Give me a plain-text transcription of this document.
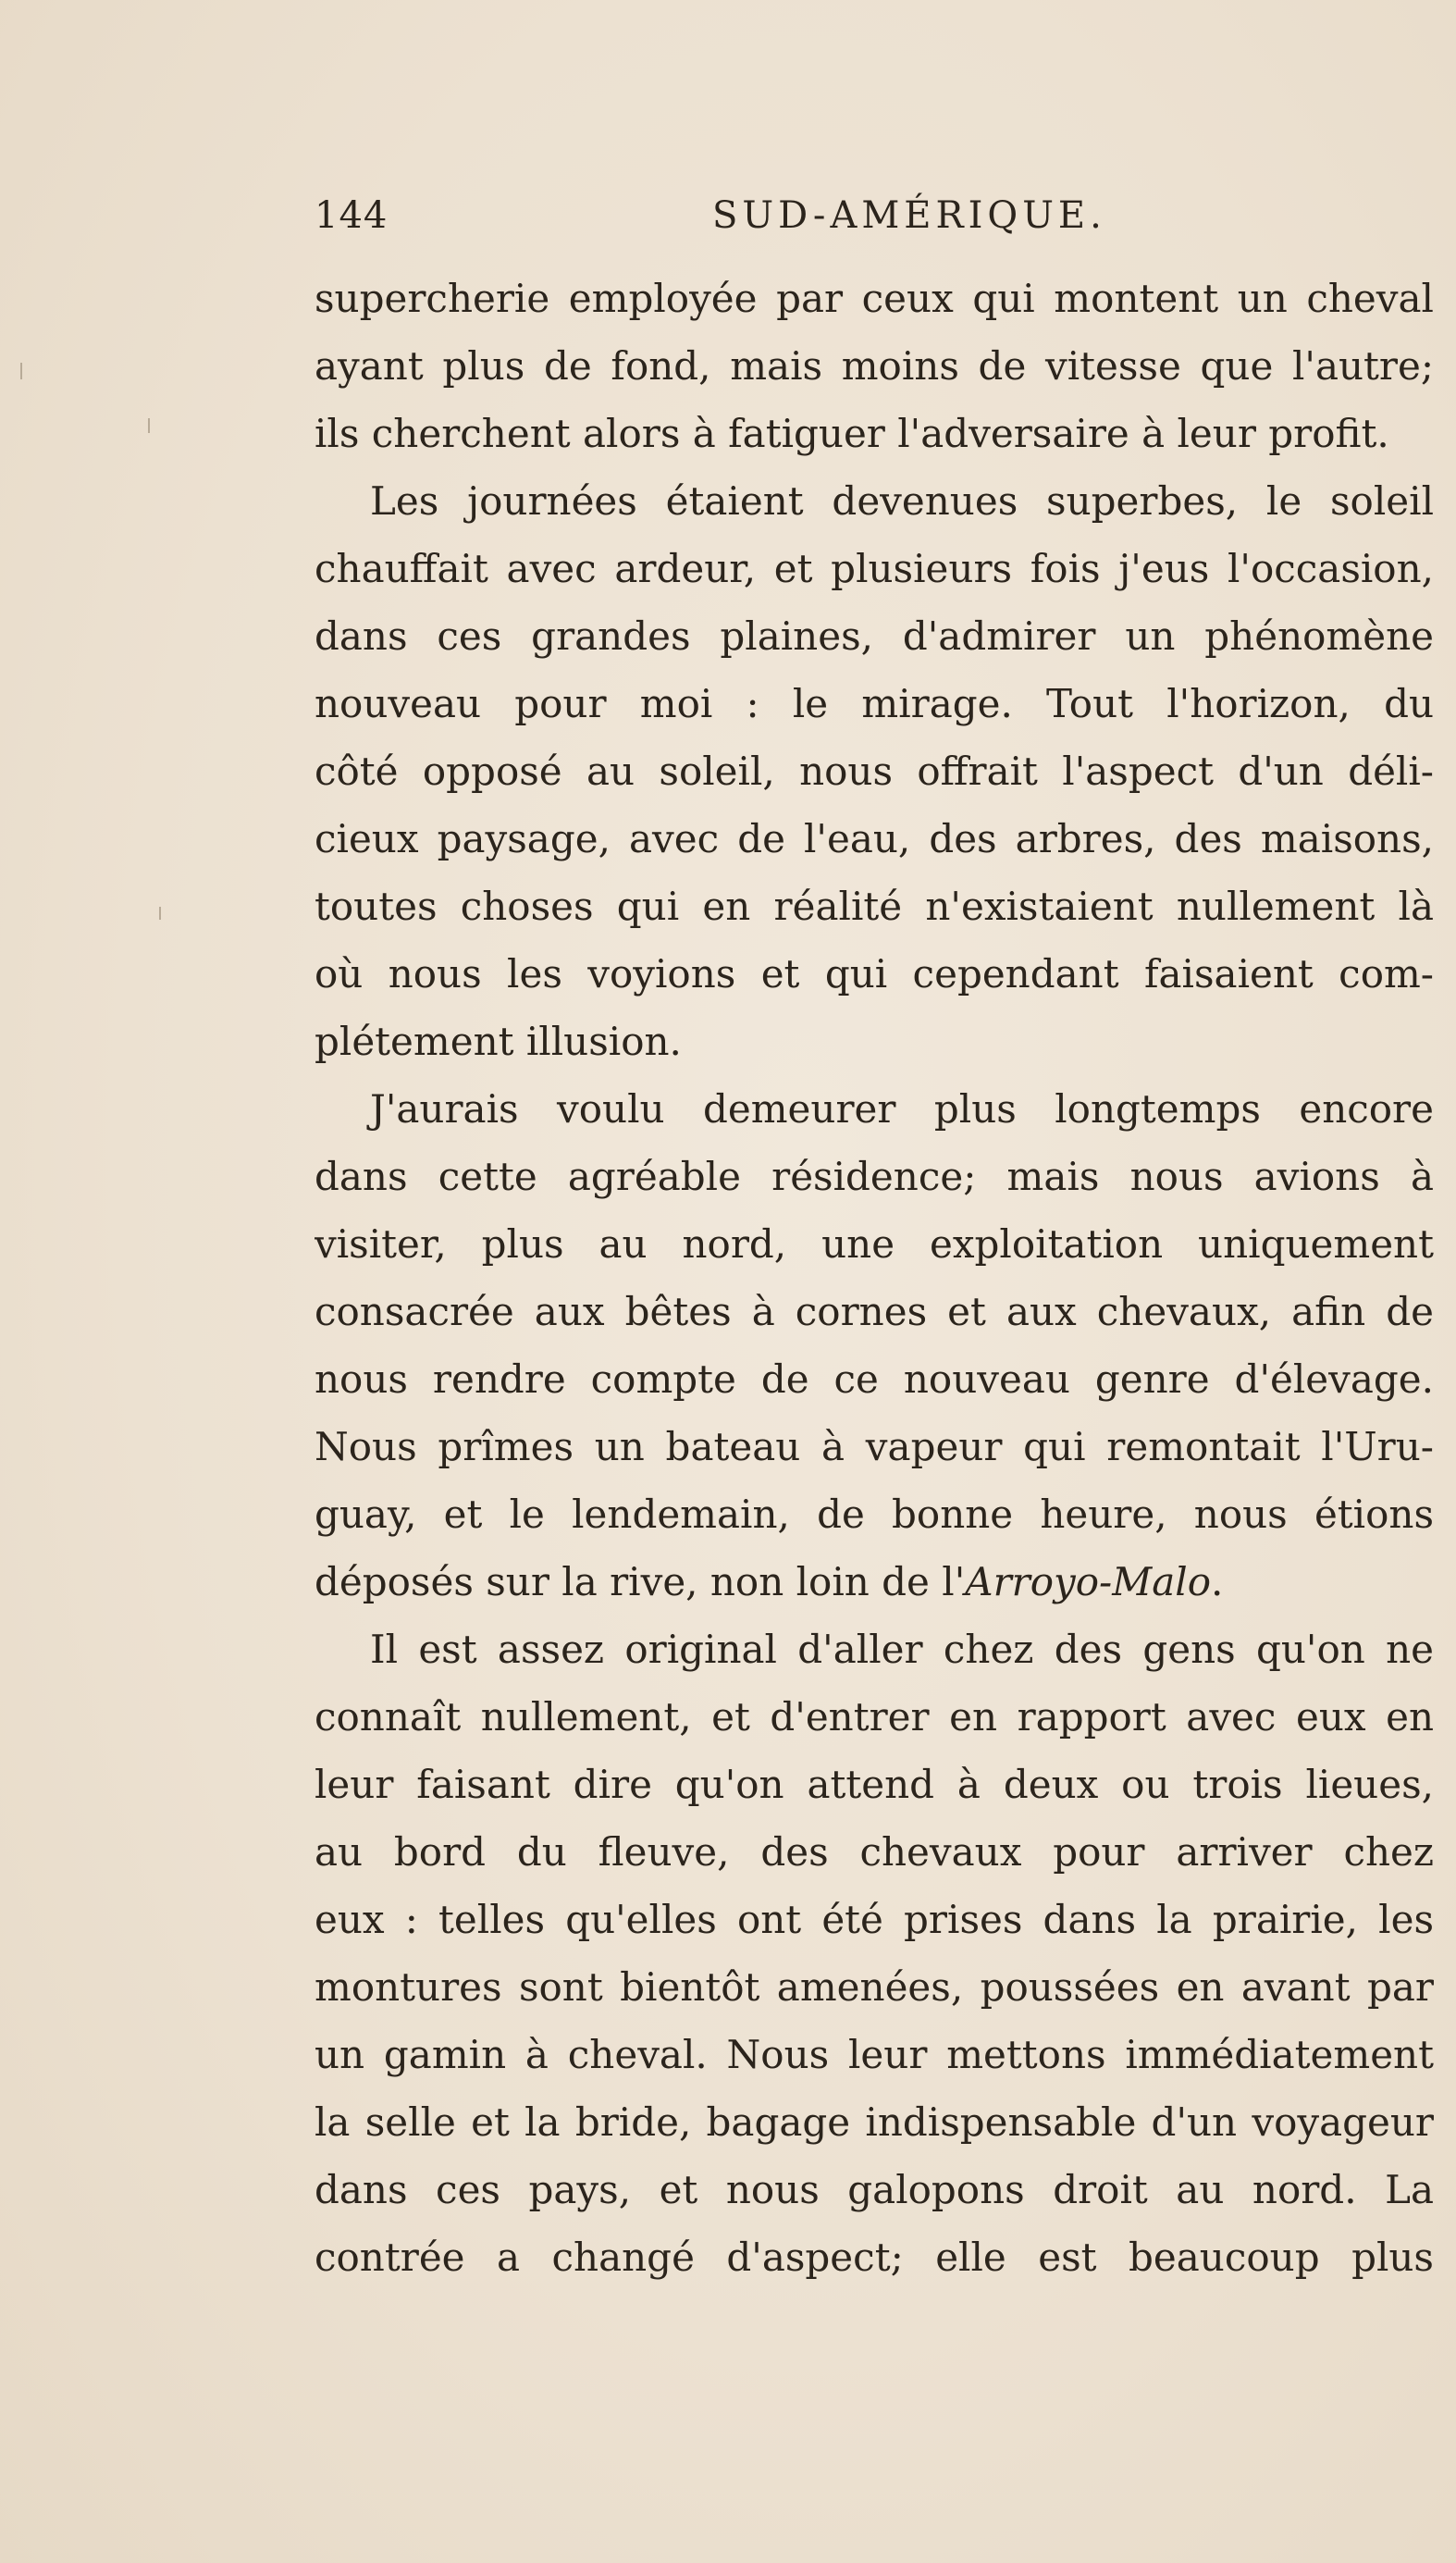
144	SUD-AMÉRIQUE.
supercherie employée par ceux qui montent un cheval
ayant plus de fond, mais moins de vitesse que l'autre;
ils cherchent alors à fatiguer l'adversaire à leur profit.
Les journées étaient devenues superbes, le soleil
chauffait avec ardeur, et plusieurs fois j'eus l'occasion,
dans ces grandes plaines, d'admirer un phénomène
nouveau pour moi : le mirage. Tout l'horizon, du
côté opposé au soleil, nous offrait l'aspect d'un déli-
cieux paysage, avec de l'eau, des arbres, des maisons,
toutes choses qui en réalité n'existaient nullement là
où nous les voyions et qui cependant faisaient com-
plétement illusion.
J'aurais voulu demeurer plus longtemps encore
dans cette agréable résidence; mais nous avions à
visiter, plus au nord, une exploitation uniquement
consacrée aux bêtes à cornes et aux chevaux, afin de
nous rendre compte de ce nouveau genre d'élevage.
Nous prîmes un bateau à vapeur qui remontait l'Uru-
guay, et le lendemain, de bonne heure, nous étions
déposés sur la rive, non loin de l'Arroyo-Malo.
Il est assez original d'aller chez des gens qu'on ne
connaît nullement, et d'entrer en rapport avec eux en
leur faisant dire qu'on attend à deux ou trois lieues,
au bord du fleuve, des chevaux pour arriver chez
eux : telles qu'elles ont été prises dans la prairie, les
montures sont bientôt amenées, poussées en avant par
un gamin à cheval. Nous leur mettons immédiatement
la selle et la bride, bagage indispensable d'un voyageur
dans ces pays, et nous galopons droit au nord. La
contrée a changé d'aspect; elle est beaucoup plus
